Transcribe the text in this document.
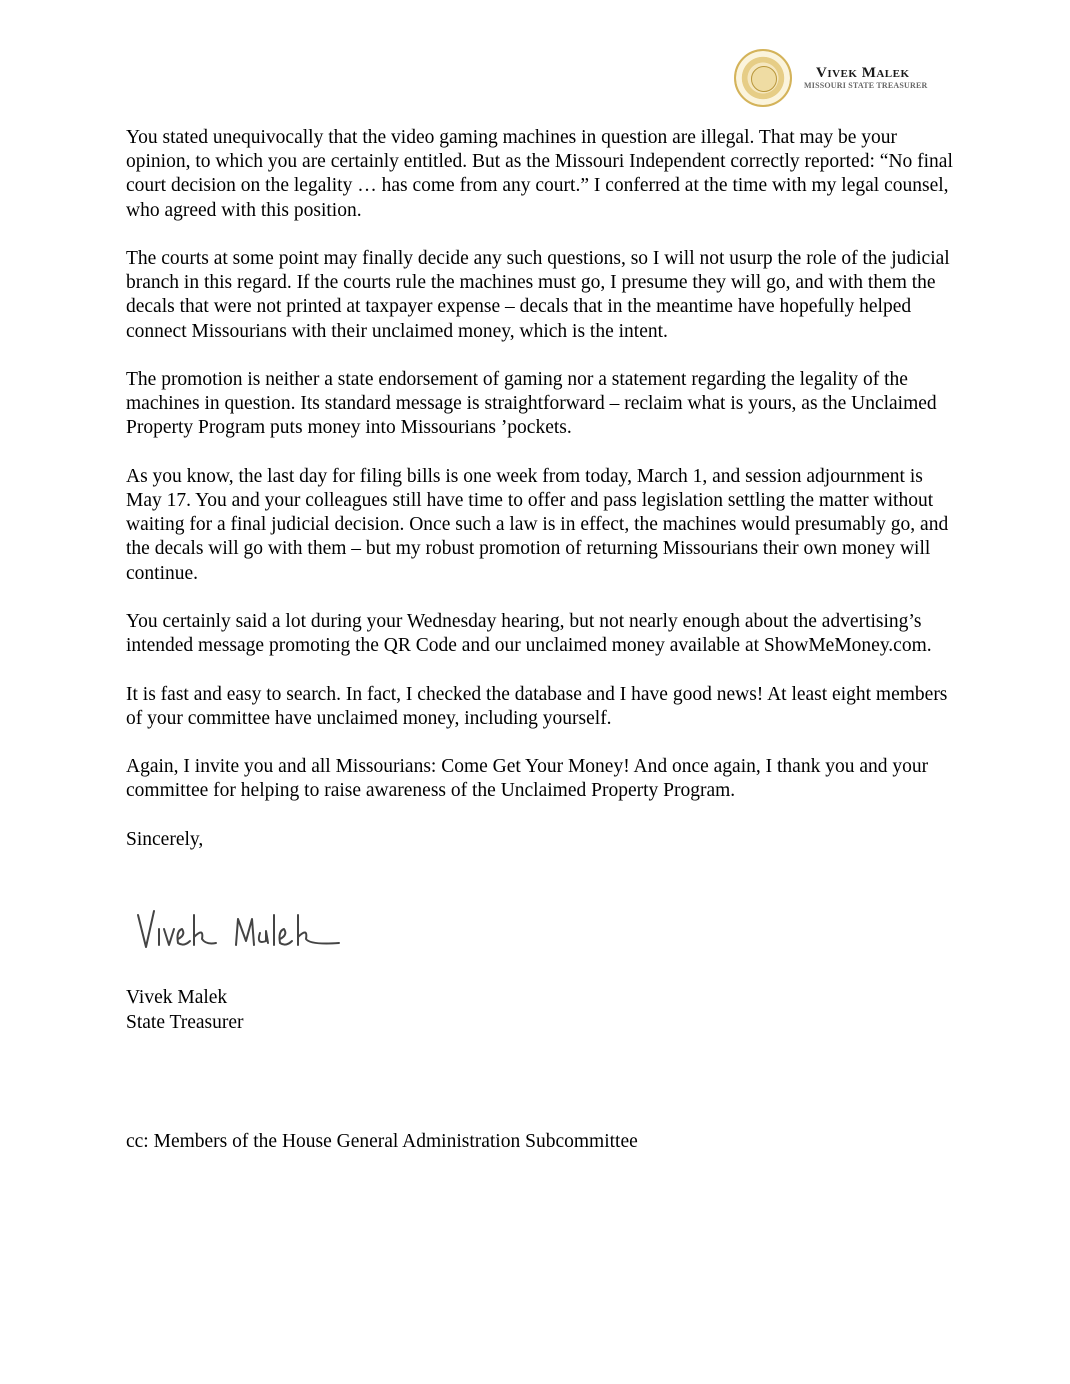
Vivek Malek
MISSOURI STATE TREASURER

You stated unequivocally that the video gaming machines in question are illegal. That may be your opinion, to which you are certainly entitled. But as the Missouri Independent correctly reported: “No final court decision on the legality … has come from any court.” I conferred at the time with my legal counsel, who agreed with this position.

The courts at some point may finally decide any such questions, so I will not usurp the role of the judicial branch in this regard. If the courts rule the machines must go, I presume they will go, and with them the decals that were not printed at taxpayer expense – decals that in the meantime have hopefully helped connect Missourians with their unclaimed money, which is the intent.

The promotion is neither a state endorsement of gaming nor a statement regarding the legality of the machines in question. Its standard message is straightforward – reclaim what is yours, as the Unclaimed Property Program puts money into Missourians ’pockets.

As you know, the last day for filing bills is one week from today, March 1, and session adjournment is May 17. You and your colleagues still have time to offer and pass legislation settling the matter without waiting for a final judicial decision. Once such a law is in effect, the machines would presumably go, and the decals will go with them – but my robust promotion of returning Missourians their own money will continue.

You certainly said a lot during your Wednesday hearing, but not nearly enough about the advertising’s intended message promoting the QR Code and our unclaimed money available at ShowMeMoney.com.

It is fast and easy to search. In fact, I checked the database and I have good news! At least eight members of your committee have unclaimed money, including yourself.

Again, I invite you and all Missourians: Come Get Your Money! And once again, I thank you and your committee for helping to raise awareness of the Unclaimed Property Program.

Sincerely,

Vivek Malek
State Treasurer
cc: Members of the House General Administration Subcommittee
